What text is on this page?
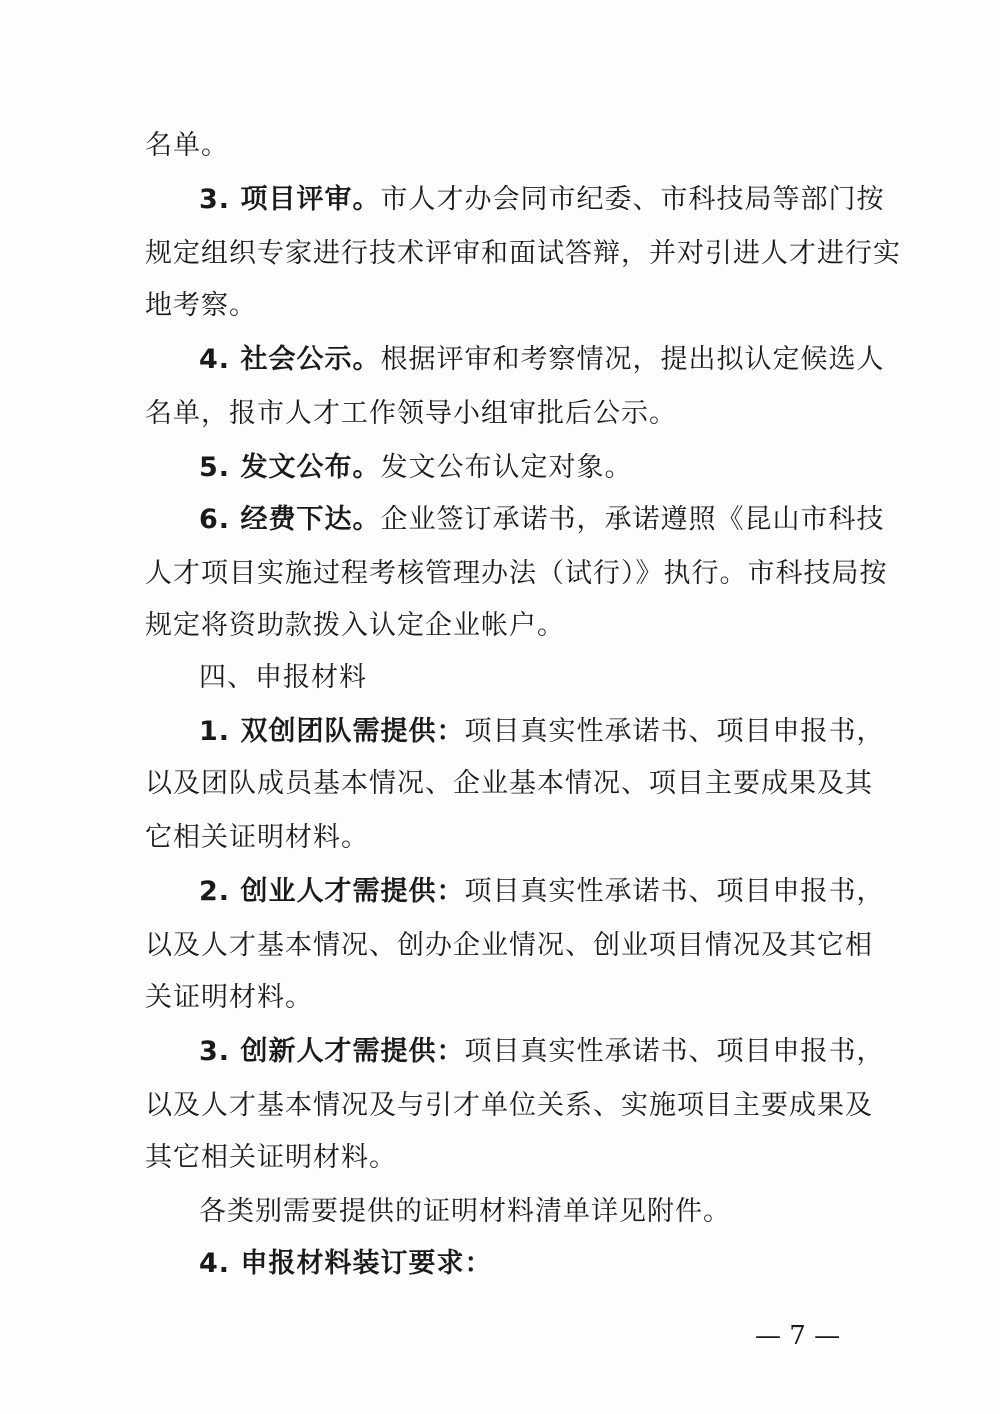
名单。
3. 项目评审。市人才办会同市纪委、市科技局等部门按
规定组织专家进行技术评审和面试答辩，并对引进人才进行实
地考察。
4. 社会公示。根据评审和考察情况，提出拟认定候选人
名单，报市人才工作领导小组审批后公示。
5. 发文公布。发文公布认定对象。
6. 经费下达。企业签订承诺书，承诺遵照《昆山市科技
人才项目实施过程考核管理办法（试行）》执行。市科技局按
规定将资助款拨入认定企业帐户。
四、申报材料
1. 双创团队需提供：项目真实性承诺书、项目申报书，
以及团队成员基本情况、企业基本情况、项目主要成果及其
它相关证明材料。
2. 创业人才需提供：项目真实性承诺书、项目申报书，
以及人才基本情况、创办企业情况、创业项目情况及其它相
关证明材料。
3. 创新人才需提供：项目真实性承诺书、项目申报书，
以及人才基本情况及与引才单位关系、实施项目主要成果及
其它相关证明材料。
各类别需要提供的证明材料清单详见附件。
4. 申报材料装订要求：
— 7 —
